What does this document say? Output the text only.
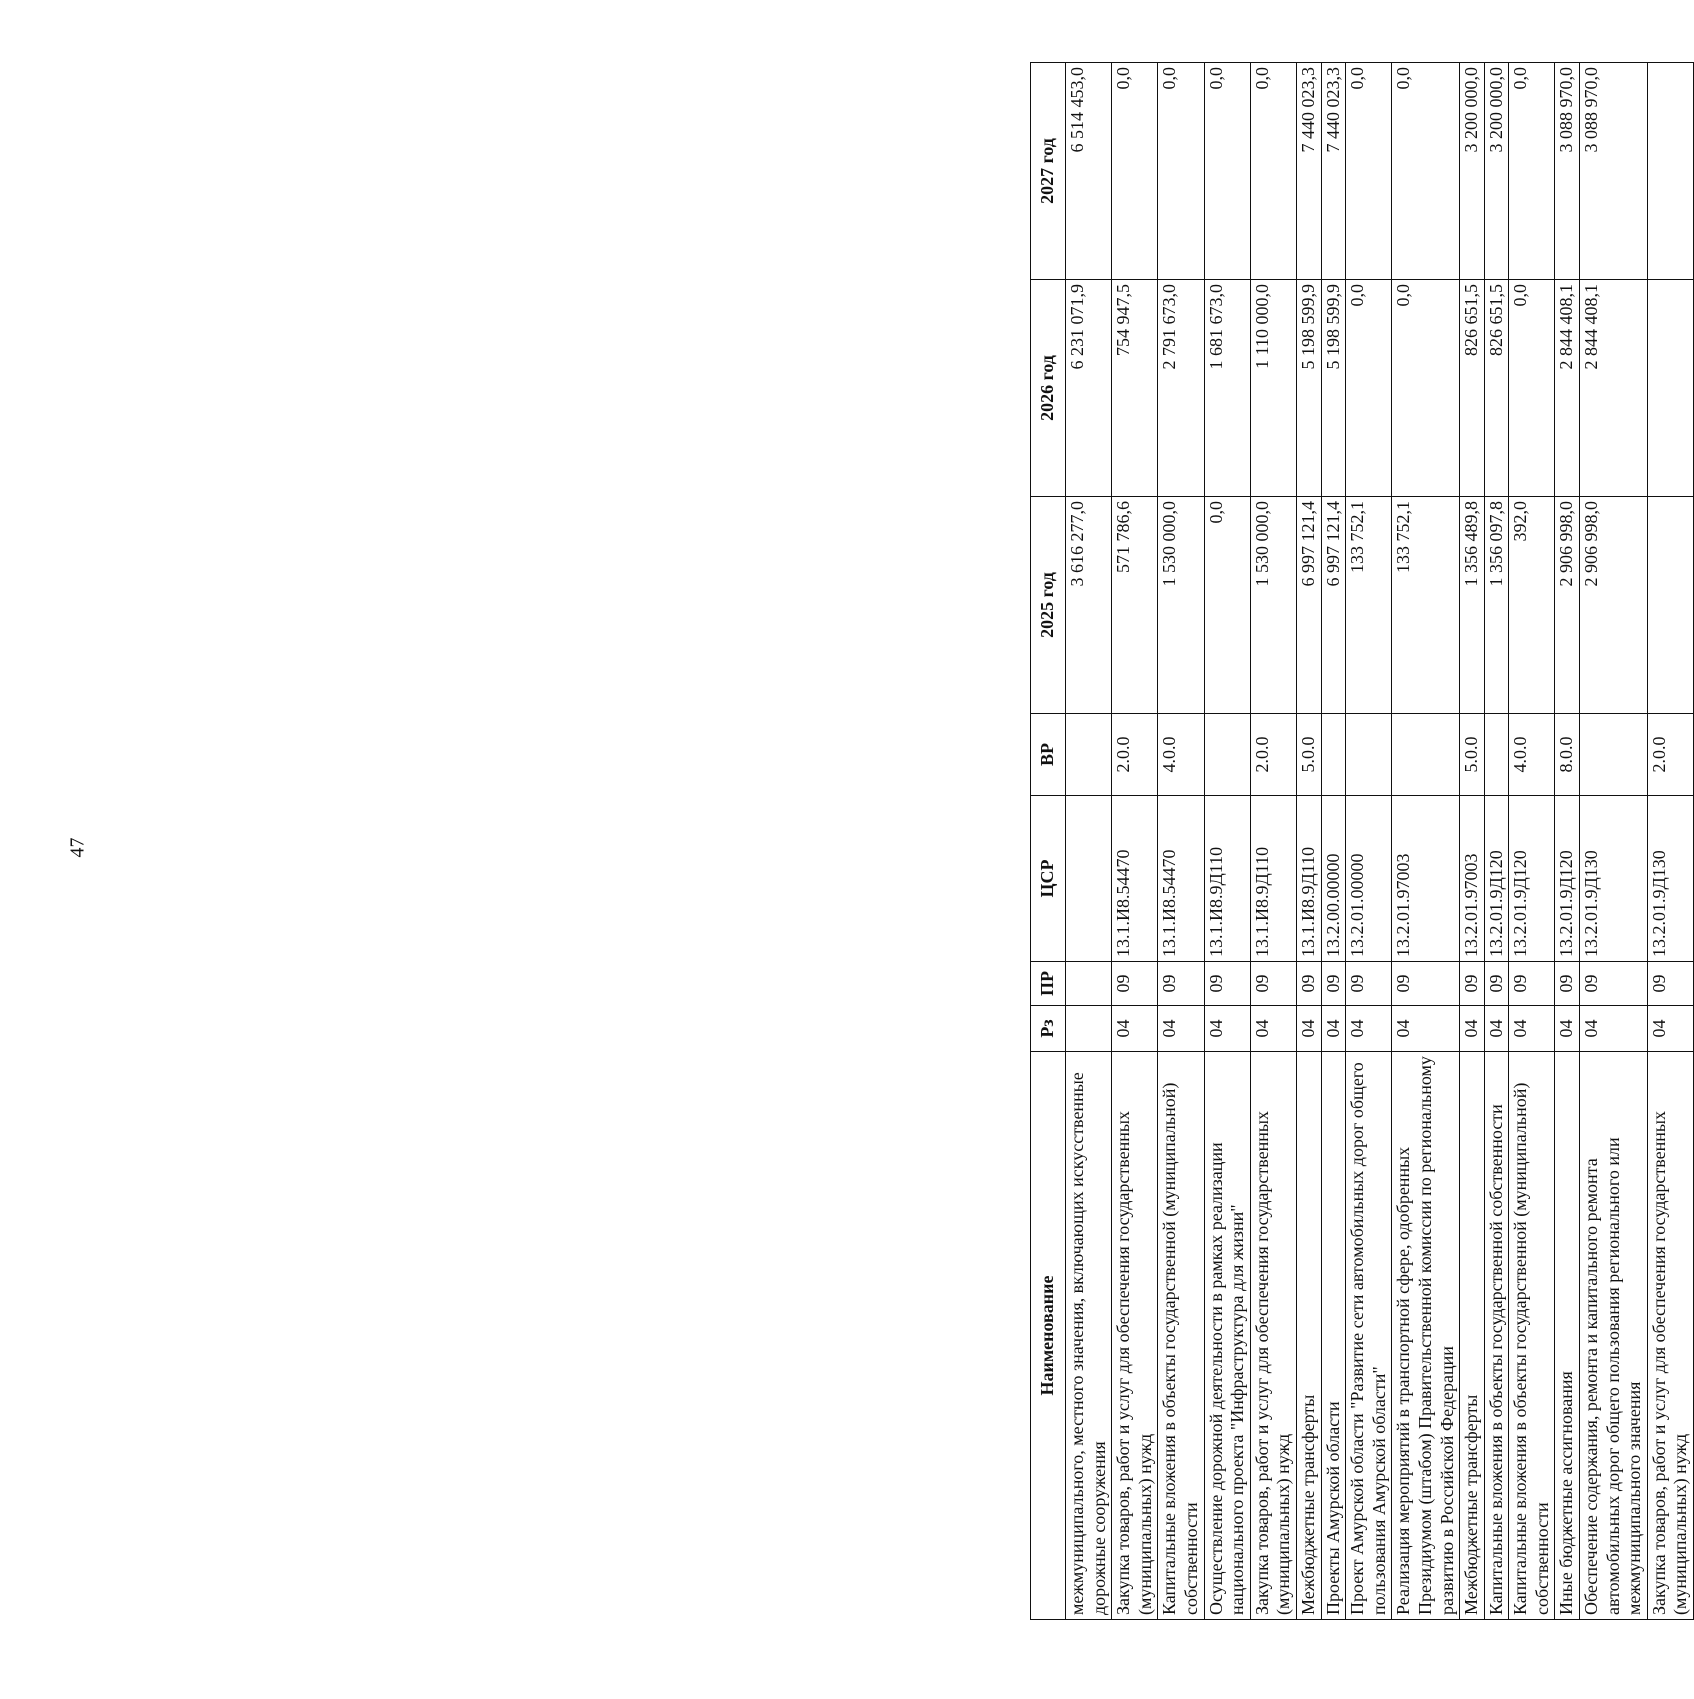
47
Наименование	Рз	ПР	ЦСР	ВР	2025 год	2026 год	2027 год
межмуниципального, местного значения, включающих искусственные дорожные сооружения					3 616 277,0	6 231 071,9	6 514 453,0
Закупка товаров, работ и услуг для обеспечения государственных (муниципальных) нужд	04	09	13.1.И8.54470	2.0.0	571 786,6	754 947,5	0,0
Капитальные вложения в объекты государственной (муниципальной) собственности	04	09	13.1.И8.54470	4.0.0	1 530 000,0	2 791 673,0	0,0
Осуществление дорожной деятельности в рамках реализации национального проекта "Инфраструктура для жизни"	04	09	13.1.И8.9Д110		0,0	1 681 673,0	0,0
Закупка товаров, работ и услуг для обеспечения государственных (муниципальных) нужд	04	09	13.1.И8.9Д110	2.0.0	1 530 000,0	1 110 000,0	0,0
Межбюджетные трансферты	04	09	13.1.И8.9Д110	5.0.0	6 997 121,4	5 198 599,9	7 440 023,3
Проекты Амурской области	04	09	13.2.00.00000		6 997 121,4	5 198 599,9	7 440 023,3
Проект Амурской области "Развитие сети автомобильных дорог общего пользования Амурской области"	04	09	13.2.01.00000		133 752,1	0,0	0,0
Реализация мероприятий в транспортной сфере, одобренных Президиумом (штабом) Правительственной комиссии по региональному развитию в Российской Федерации	04	09	13.2.01.97003		133 752,1	0,0	0,0
Межбюджетные трансферты	04	09	13.2.01.97003	5.0.0	1 356 489,8	826 651,5	3 200 000,0
Капитальные вложения в объекты государственной собственности	04	09	13.2.01.9Д120		1 356 097,8	826 651,5	3 200 000,0
Капитальные вложения в объекты государственной (муниципальной) собственности	04	09	13.2.01.9Д120	4.0.0	392,0	0,0	0,0
Иные бюджетные ассигнования	04	09	13.2.01.9Д120	8.0.0	2 906 998,0	2 844 408,1	3 088 970,0
Обеспечение содержания, ремонта и капитального ремонта автомобильных дорог общего пользования регионального или межмуниципального значения	04	09	13.2.01.9Д130		2 906 998,0	2 844 408,1	3 088 970,0
Закупка товаров, работ и услуг для обеспечения государственных (муниципальных) нужд	04	09	13.2.01.9Д130	2.0.0			
